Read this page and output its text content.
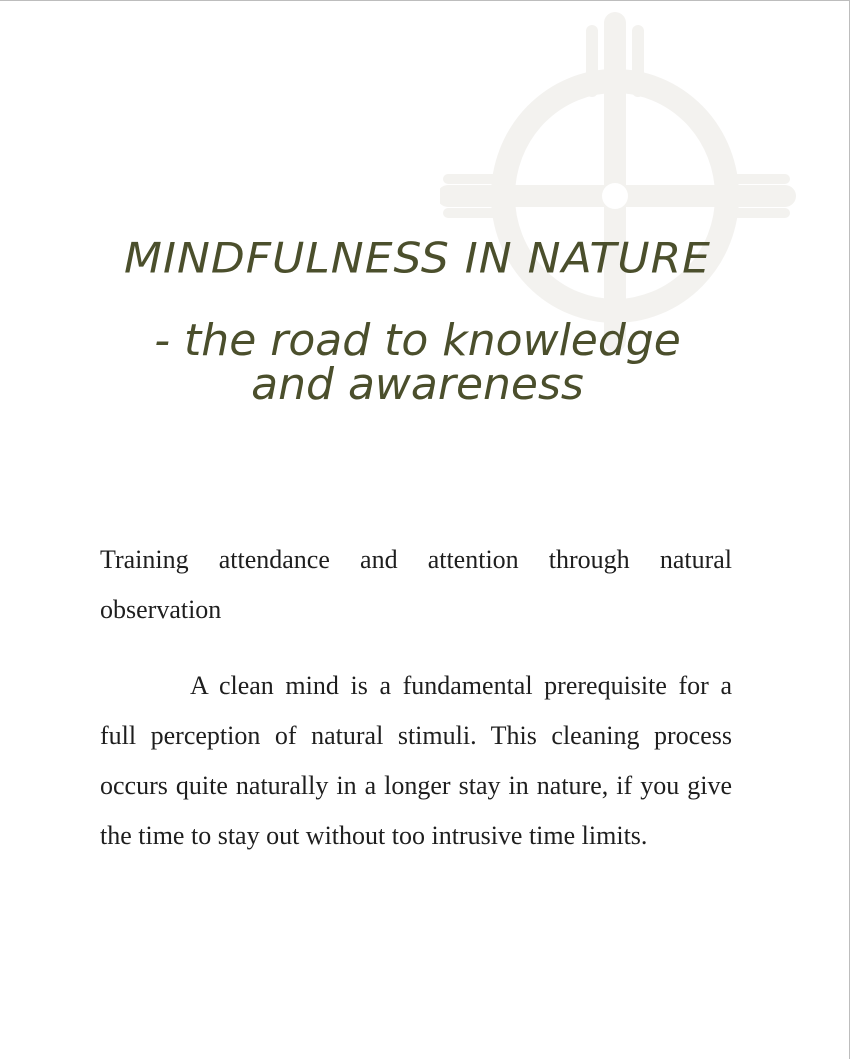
MINDFULNESS IN NATURE
- the road to knowledge
and awareness

Training attendance and attention through natural observation

A clean mind is a fundamental prerequisite for a full perception of natural stimuli. This cleaning process occurs quite naturally in a longer stay in nature, if you give the time to stay out without too intrusive time limits.
